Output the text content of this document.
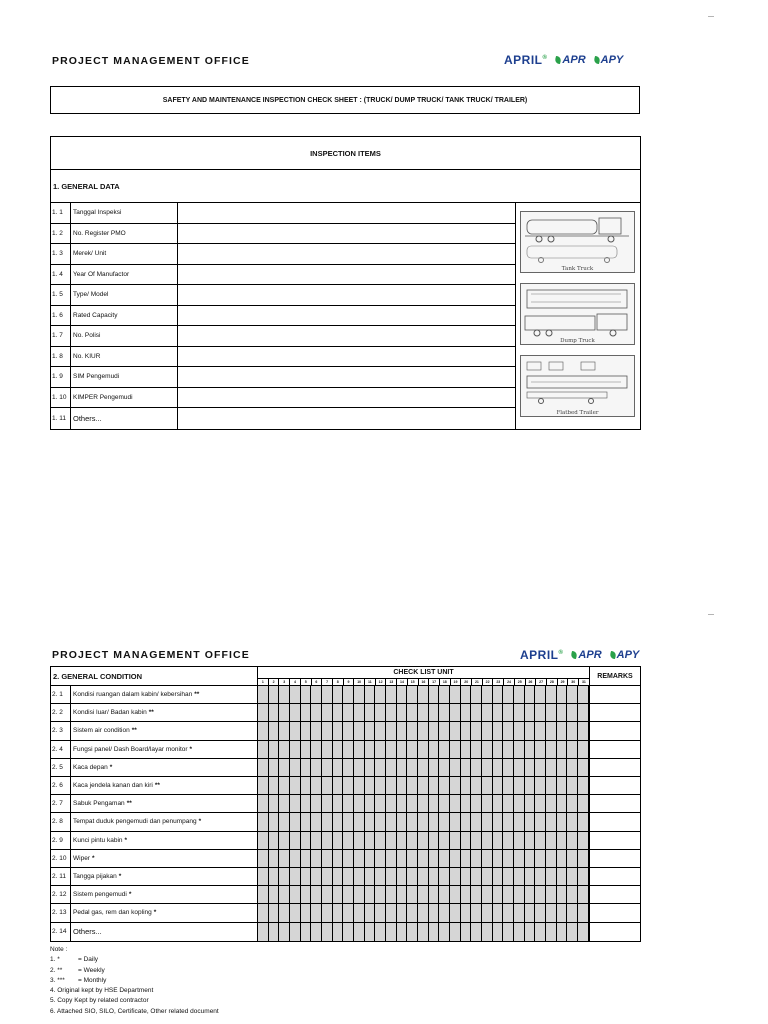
—
PROJECT MANAGEMENT OFFICE	APRIL® APR APY
SAFETY AND MAINTENANCE INSPECTION CHECK SHEET : (TRUCK/ DUMP TRUCK/ TANK TRUCK/ TRAILER)
INSPECTION ITEMS
1. GENERAL DATA
Tank Truck
Dump Truck
Flatbed Trailer
1. 1	Tanggal Inspeksi
1. 2	No. Register PMO
1. 3	Merek/ Unit
1. 4	Year Of Manufactor
1. 5	Type/ Model
1. 6	Rated Capacity
1. 7	No. Polisi
1. 8	No. KIUR
1. 9	SIM Pengemudi
1. 10	KIMPER Pengemudi
1. 11 Others...
—
PROJECT MANAGEMENT OFFICE	APRIL® APR APY
2. GENERAL CONDITION	CHECK LIST UNIT	REMARKS
1	2	3	4	5	6	7	8	9	10	11	12	13	14	15	16	17	18	19	20	21	22	23	24	25	26	27	28	29	30	31
2. 1	Kondisi ruangan dalam kabin/ kebersihan **
2. 2	Kondisi luar/ Badan kabin **
2. 3	Sistem air condition **
2. 4	Fungsi panel/ Dash Board/layar monitor *
2. 5	Kaca depan *
2. 6	Kaca jendela kanan dan kiri **
2. 7	Sabuk Pengaman **
2. 8	Tempat duduk pengemudi dan penumpang *
2. 9	Kunci pintu kabin *
2. 10	Wiper *
2. 11	Tangga pijakan *
2. 12	Sistem pengemudi *
2. 13	Pedal gas, rem dan kopling *
2. 14 Others...
Note :
1. *	= Daily
2. **	= Weekly
3. ***	= Monthly
4. Original kept by HSE Department
5. Copy Kept by related contractor
6. Attached SIO, SILO, Certificate, Other related document
